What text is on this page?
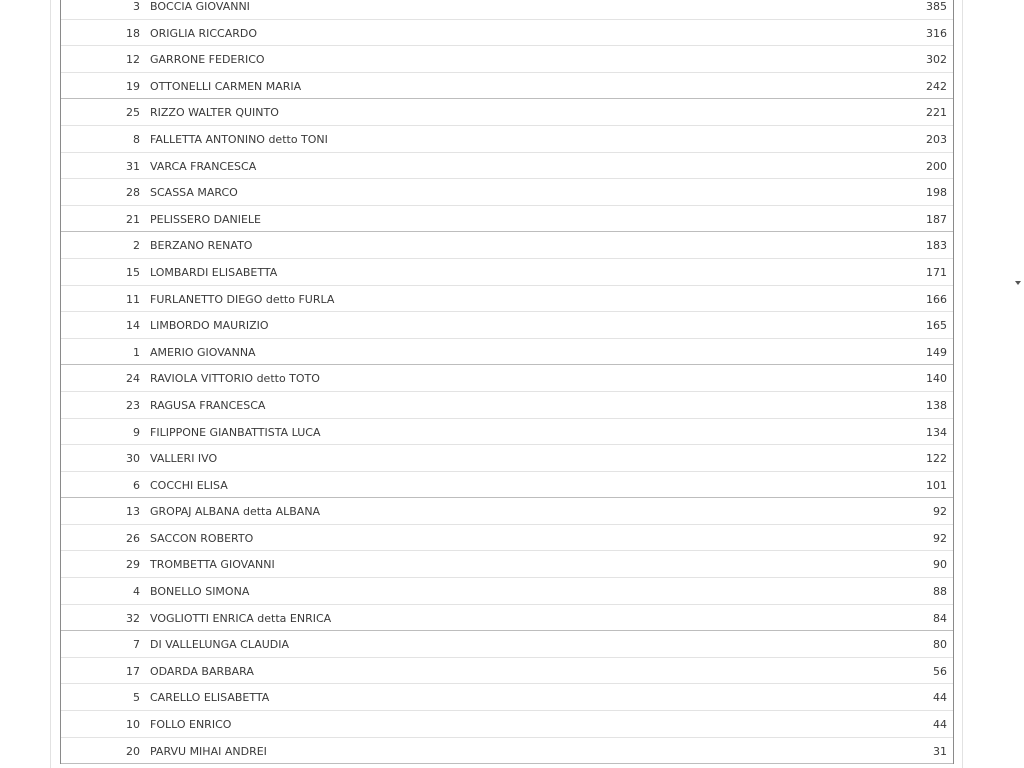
3 BOCCIA GIOVANNI	385
18 ORIGLIA RICCARDO	316
12 GARRONE FEDERICO	302
19 OTTONELLI CARMEN MARIA	242
25 RIZZO WALTER QUINTO	221
8 FALLETTA ANTONINO detto TONI	203
31 VARCA FRANCESCA	200
28 SCASSA MARCO	198
21 PELISSERO DANIELE	187
2 BERZANO RENATO	183
15 LOMBARDI ELISABETTA	171
11 FURLANETTO DIEGO detto FURLA	166
14 LIMBORDO MAURIZIO	165
1 AMERIO GIOVANNA	149
24 RAVIOLA VITTORIO detto TOTO	140
23 RAGUSA FRANCESCA	138
9 FILIPPONE GIANBATTISTA LUCA	134
30 VALLERI IVO	122
6 COCCHI ELISA	101
13 GROPAJ ALBANA detta ALBANA	92
26 SACCON ROBERTO	92
29 TROMBETTA GIOVANNI	90
4 BONELLO SIMONA	88
32 VOGLIOTTI ENRICA detta ENRICA	84
7 DI VALLELUNGA CLAUDIA	80
17 ODARDA BARBARA	56
5 CARELLO ELISABETTA	44
10 FOLLO ENRICO	44
20 PARVU MIHAI ANDREI	31
